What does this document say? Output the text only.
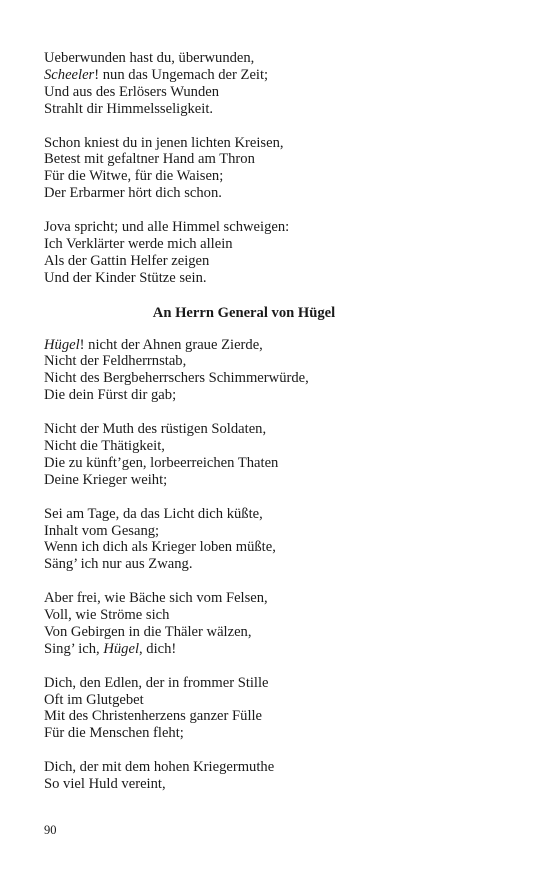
Ueberwunden hast du, überwunden,
Scheeler! nun das Ungemach der Zeit;
Und aus des Erlösers Wunden
Strahlt dir Himmelsseligkeit.
Schon kniest du in jenen lichten Kreisen,
Betest mit gefaltner Hand am Thron
Für die Witwe, für die Waisen;
Der Erbarmer hört dich schon.
Jova spricht; und alle Himmel schweigen:
Ich Verklärter werde mich allein
Als der Gattin Helfer zeigen
Und der Kinder Stütze sein.
An Herrn General von Hügel
Hügel! nicht der Ahnen graue Zierde,
Nicht der Feldherrnstab,
Nicht des Bergbeherrschers Schimmerwürde,
Die dein Fürst dir gab;
Nicht der Muth des rüstigen Soldaten,
Nicht die Thätigkeit,
Die zu künft’gen, lorbeerreichen Thaten
Deine Krieger weiht;
Sei am Tage, da das Licht dich küßte,
Inhalt vom Gesang;
Wenn ich dich als Krieger loben müßte,
Säng’ ich nur aus Zwang.
Aber frei, wie Bäche sich vom Felsen,
Voll, wie Ströme sich
Von Gebirgen in die Thäler wälzen,
Sing’ ich, Hügel, dich!
Dich, den Edlen, der in frommer Stille
Oft im Glutgebet
Mit des Christenherzens ganzer Fülle
Für die Menschen fleht;
Dich, der mit dem hohen Kriegermuthe
So viel Huld vereint,
90
